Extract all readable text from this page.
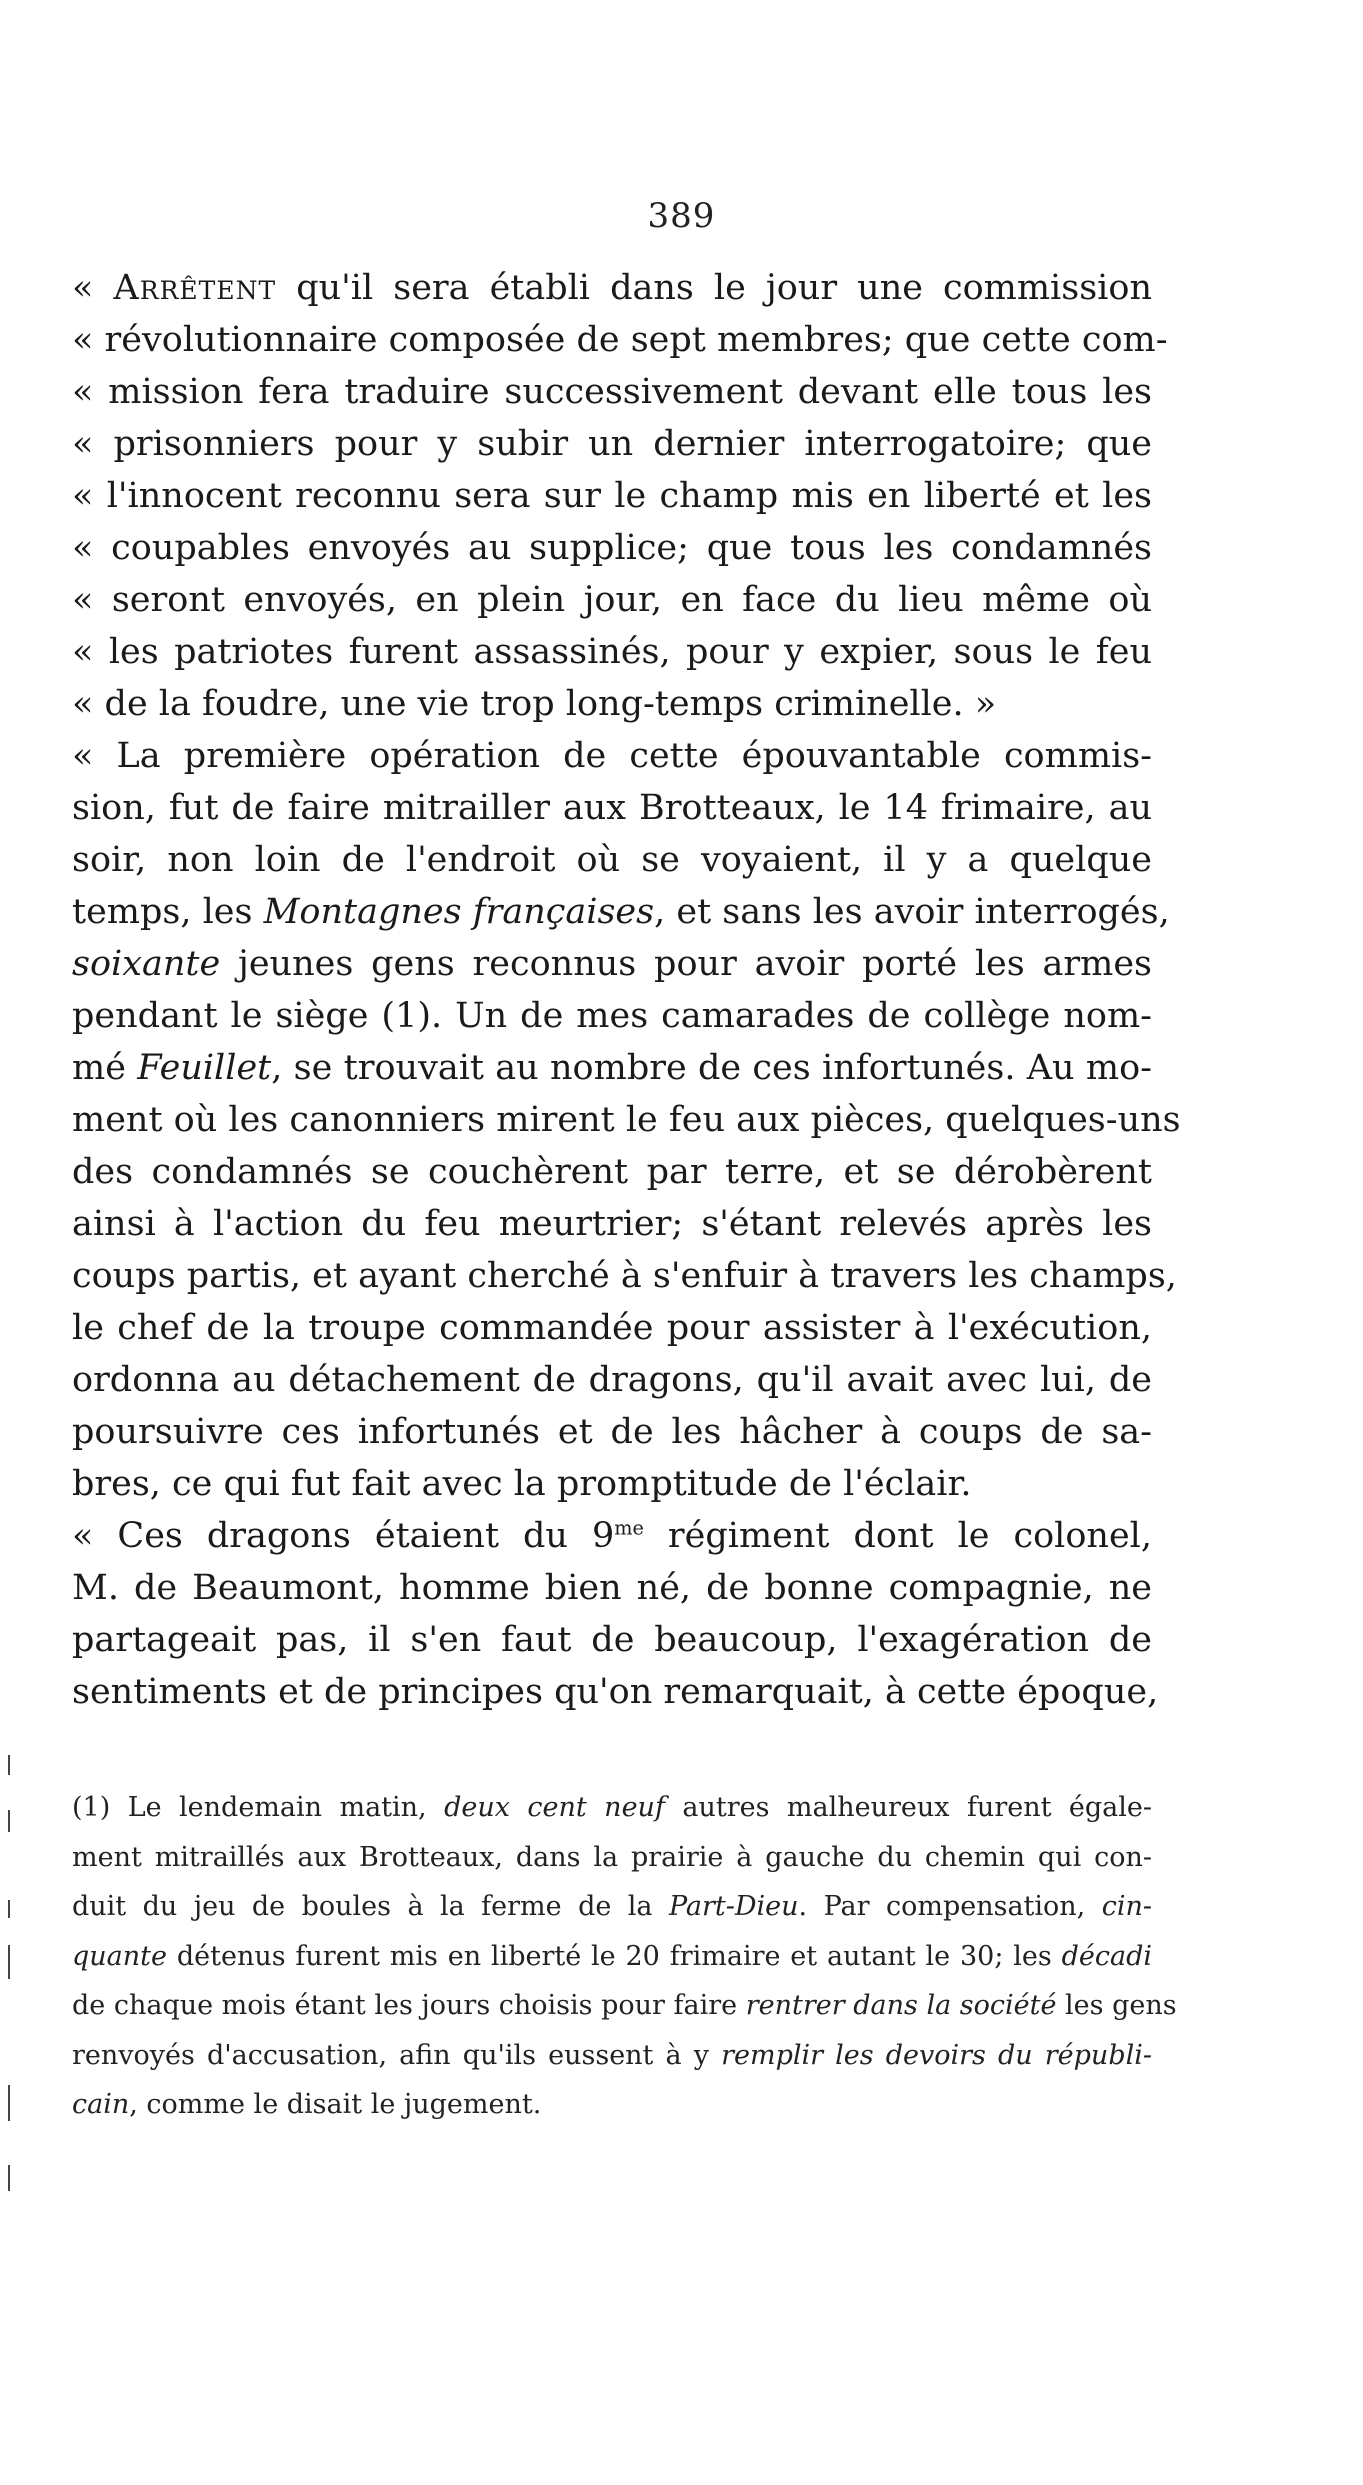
389
« Arrêtent qu'il sera établi dans le jour une commission
« révolutionnaire composée de sept membres; que cette com-
« mission fera traduire successivement devant elle tous les
« prisonniers pour y subir un dernier interrogatoire; que
« l'innocent reconnu sera sur le champ mis en liberté et les
« coupables envoyés au supplice; que tous les condamnés
« seront envoyés, en plein jour, en face du lieu même où
« les patriotes furent assassinés, pour y expier, sous le feu
« de la foudre, une vie trop long-temps criminelle. »
« La première opération de cette épouvantable commis-
sion, fut de faire mitrailler aux Brotteaux, le 14 frimaire, au
soir, non loin de l'endroit où se voyaient, il y a quelque
temps, les Montagnes françaises, et sans les avoir interrogés,
soixante jeunes gens reconnus pour avoir porté les armes
pendant le siège (1). Un de mes camarades de collège nom-
mé Feuillet, se trouvait au nombre de ces infortunés. Au mo-
ment où les canonniers mirent le feu aux pièces, quelques-uns
des condamnés se couchèrent par terre, et se dérobèrent
ainsi à l'action du feu meurtrier; s'étant relevés après les
coups partis, et ayant cherché à s'enfuir à travers les champs,
le chef de la troupe commandée pour assister à l'exécution,
ordonna au détachement de dragons, qu'il avait avec lui, de
poursuivre ces infortunés et de les hâcher à coups de sa-
bres, ce qui fut fait avec la promptitude de l'éclair.
« Ces dragons étaient du $9^{me}$ régiment dont le colonel,
M. de Beaumont, homme bien né, de bonne compagnie, ne
partageait pas, il s'en faut de beaucoup, l'exagération de
sentiments et de principes qu'on remarquait, à cette époque,
(1) Le lendemain matin, deux cent neuf autres malheureux furent égale-
ment mitraillés aux Brotteaux, dans la prairie à gauche du chemin qui con-
duit du jeu de boules à la ferme de la Part-Dieu. Par compensation, cin-
quante détenus furent mis en liberté le 20 frimaire et autant le 30; les décadi
de chaque mois étant les jours choisis pour faire rentrer dans la société les gens
renvoyés d'accusation, afin qu'ils eussent à y remplir les devoirs du républi-
cain, comme le disait le jugement.
